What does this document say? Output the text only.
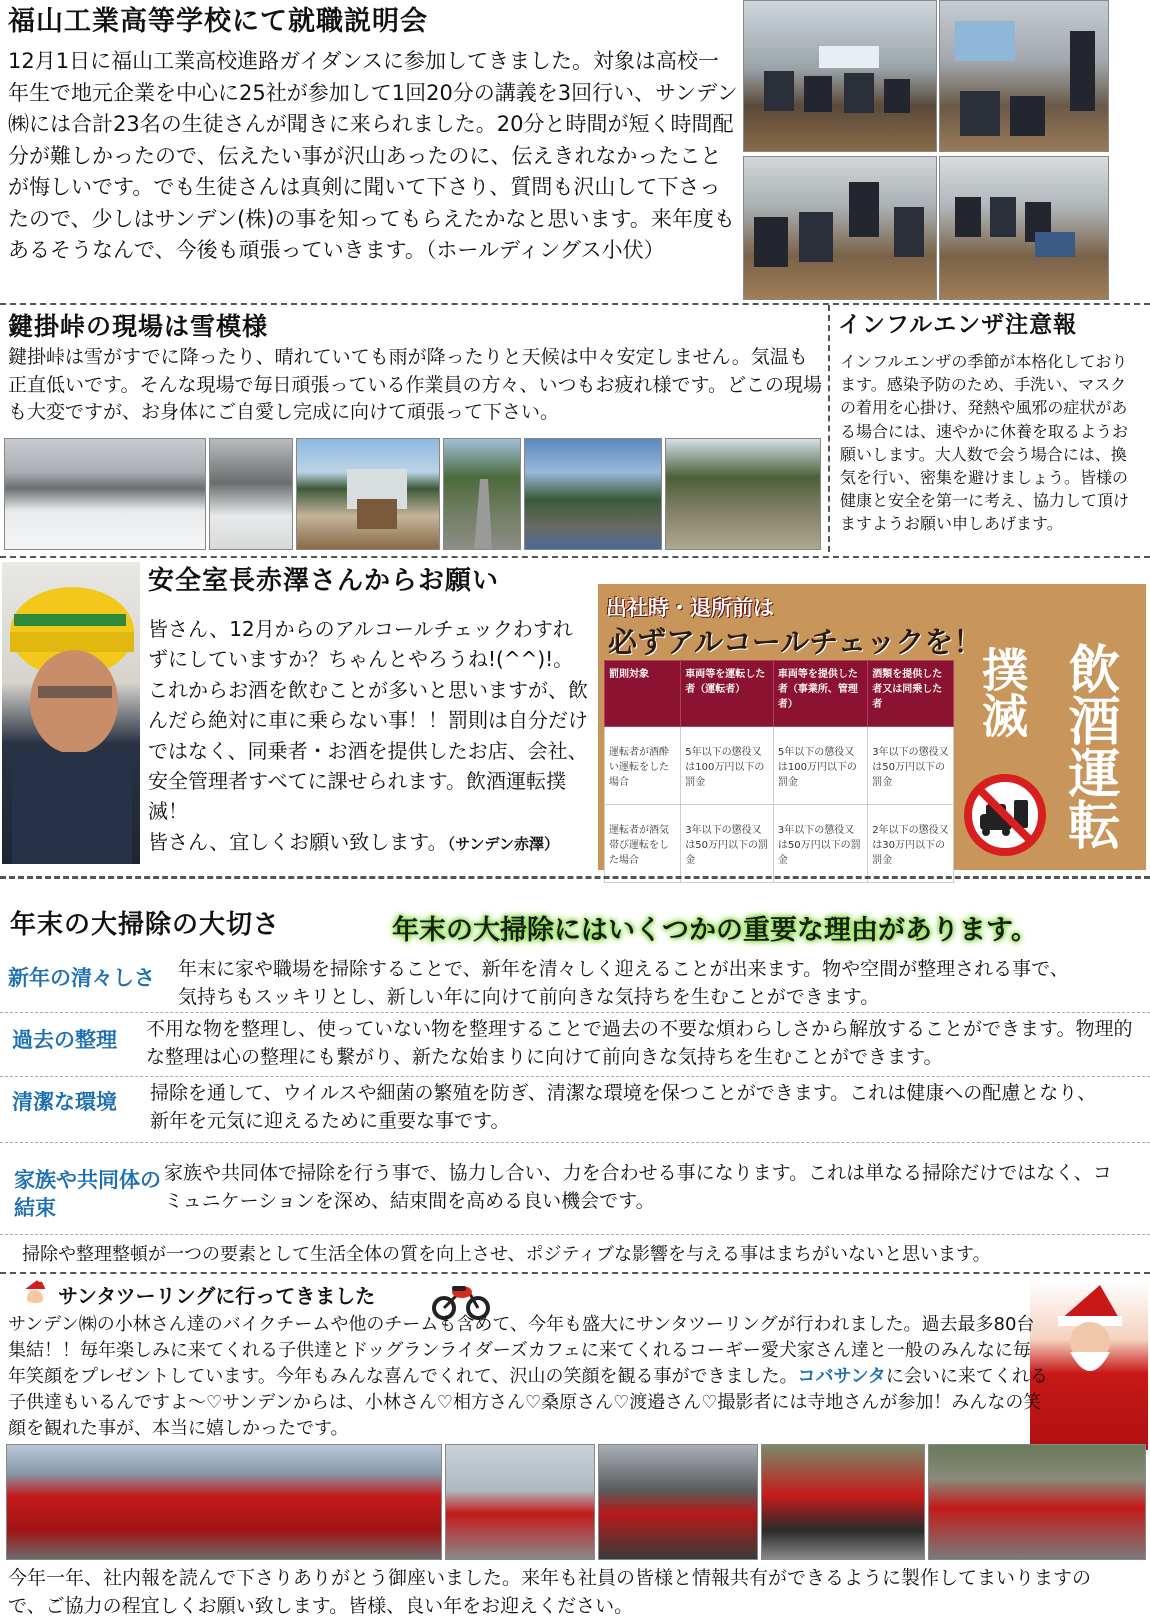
福山工業高等学校にて就職説明会
12月1日に福山工業高校進路ガイダンスに参加してきました。対象は高校一年生で地元企業を中心に25社が参加して1回20分の講義を3回行い、サンデン㈱には合計23名の生徒さんが聞きに来られました。20分と時間が短く時間配分が難しかったので、伝えたい事が沢山あったのに、伝えきれなかったことが悔しいです。でも生徒さんは真剣に聞いて下さり、質問も沢山して下さったので、少しはサンデン(株)の事を知ってもらえたかなと思います。来年度もあるそうなんで、今後も頑張っていきます。（ホールディングス小伏）
鍵掛峠の現場は雪模様
鍵掛峠は雪がすでに降ったり、晴れていても雨が降ったりと天候は中々安定しません。気温も正直低いです。そんな現場で毎日頑張っている作業員の方々、いつもお疲れ様です。どこの現場も大変ですが、お身体にご自愛し完成に向けて頑張って下さい。
インフルエンザ注意報
インフルエンザの季節が本格化しております。感染予防のため、手洗い、マスクの着用を心掛け、発熱や風邪の症状がある場合には、速やかに休養を取るようお願いします。大人数で会う場合には、換気を行い、密集を避けましょう。皆様の健康と安全を第一に考え、協力して頂けますようお願い申しあげます。
安全室長赤澤さんからお願い
皆さん、12月からのアルコールチェックわすれずにしていますか？ちゃんとやろうね!(^^)!。これからお酒を飲むことが多いと思いますが、飲んだら絶対に車に乗らない事！！罰則は自分だけではなく、同乗者・お酒を提供したお店、会社、安全管理者すべてに課せられます。飲酒運転撲滅！
皆さん、宜しくお願い致します。（サンデン赤澤）
出社時・退所前は
必ずアルコールチェックを！
罰則対象	車両等を運転した者（運転者）	車両等を提供した者（事業所、管理者）	酒類を提供した者又は同乗した者
運転者が酒酔い運転をした場合	5年以下の懲役又は100万円以下の罰金	5年以下の懲役又は100万円以下の罰金	3年以下の懲役又は50万円以下の罰金
運転者が酒気帯び運転をした場合	3年以下の懲役又は50万円以下の罰金	3年以下の懲役又は50万円以下の罰金	2年以下の懲役又は30万円以下の罰金
撲滅 飲酒運転
年末の大掃除の大切さ	年末の大掃除にはいくつかの重要な理由があります。
新年の清々しさ	年末に家や職場を掃除することで、新年を清々しく迎えることが出来ます。物や空間が整理される事で、気持ちもスッキリとし、新しい年に向けて前向きな気持ちを生むことができます。
過去の整理	不用な物を整理し、使っていない物を整理することで過去の不要な煩わらしさから解放することができます。物理的な整理は心の整理にも繋がり、新たな始まりに向けて前向きな気持ちを生むことができます。
清潔な環境	掃除を通して、ウイルスや細菌の繁殖を防ぎ、清潔な環境を保つことができます。これは健康への配慮となり、新年を元気に迎えるために重要な事です。
家族や共同体の結束
家族や共同体で掃除を行う事で、協力し合い、力を合わせる事になります。これは単なる掃除だけではなく、コミュニケーションを深め、結束間を高める良い機会です。
掃除や整理整頓が一つの要素として生活全体の質を向上させ、ポジティブな影響を与える事はまちがいないと思います。
サンタツーリングに行ってきました
サンデン㈱の小林さん達のバイクチームや他のチームも含めて、今年も盛大にサンタツーリングが行われました。過去最多80台集結！！毎年楽しみに来てくれる子供達とドッグランライダーズカフェに来てくれるコーギー愛犬家さん達と一般のみんなに毎年笑顔をプレゼントしています。今年もみんな喜んでくれて、沢山の笑顔を観る事ができました。コバサンタに会いに来てくれる子供達もいるんですよ～♡サンデンからは、小林さん♡相方さん♡桑原さん♡渡邉さん♡撮影者には寺地さんが参加！みんなの笑顔を観れた事が、本当に嬉しかったです。
今年一年、社内報を読んで下さりありがとう御座いました。来年も社員の皆様と情報共有ができるように製作してまいりますので、ご協力の程宜しくお願い致します。皆様、良い年をお迎えください。
